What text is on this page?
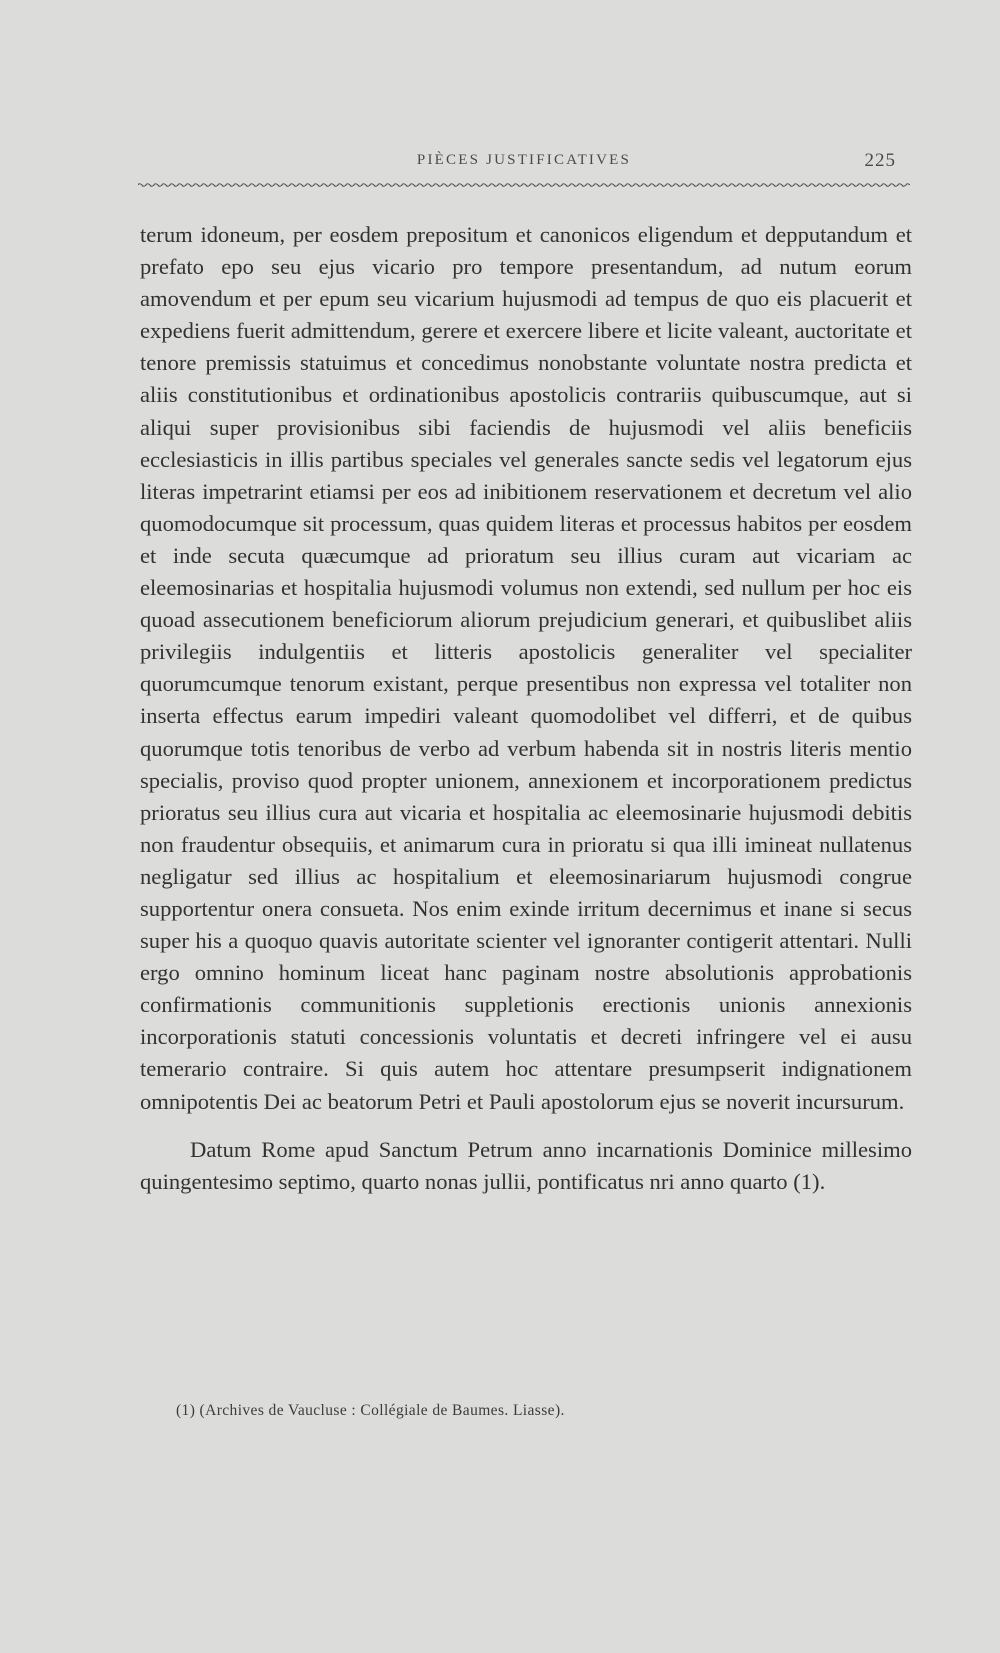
PIÈCES JUSTIFICATIVES	225

terum idoneum, per eosdem prepositum et canonicos eligendum et depputandum et prefato epo seu ejus vicario pro tempore presentandum, ad nutum eorum amovendum et per epum seu vicarium hujusmodi ad tempus de quo eis placuerit et expediens fuerit admittendum, gerere et exercere libere et licite valeant, auctoritate et tenore premissis statuimus et concedimus nonobstante voluntate nostra predicta et aliis constitutionibus et ordinationibus apostolicis contrariis quibuscumque, aut si aliqui super provisionibus sibi faciendis de hujusmodi vel aliis beneficiis ecclesiasticis in illis partibus speciales vel generales sancte sedis vel legatorum ejus literas impetrarint etiamsi per eos ad inibitionem reservationem et decretum vel alio quomodocumque sit processum, quas quidem literas et processus habitos per eosdem et inde secuta quæcumque ad prioratum seu illius curam aut vicariam ac eleemosinarias et hospitalia hujusmodi volumus non extendi, sed nullum per hoc eis quoad assecutionem beneficiorum aliorum prejudicium generari, et quibuslibet aliis privilegiis indulgentiis et litteris apostolicis generaliter vel specialiter quorumcumque tenorum existant, perque presentibus non expressa vel totaliter non inserta effectus earum impediri valeant quomodolibet vel differri, et de quibus quorumque totis tenoribus de verbo ad verbum habenda sit in nostris literis mentio specialis, proviso quod propter unionem, annexionem et incorporationem predictus prioratus seu illius cura aut vicaria et hospitalia ac eleemosinarie hujusmodi debitis non fraudentur obsequiis, et animarum cura in prioratu si qua illi imineat nullatenus negligatur sed illius ac hospitalium et eleemosinariarum hujusmodi congrue supportentur onera consueta. Nos enim exinde irritum decernimus et inane si secus super his a quoquo quavis autoritate scienter vel ignoranter contigerit attentari. Nulli ergo omnino hominum liceat hanc paginam nostre absolutionis approbationis confirmationis communitionis suppletionis erectionis unionis annexionis incorporationis statuti concessionis voluntatis et decreti infringere vel ei ausu temerario contraire. Si quis autem hoc attentare presumpserit indignationem omnipotentis Dei ac beatorum Petri et Pauli apostolorum ejus se noverit incursurum.

Datum Rome apud Sanctum Petrum anno incarnationis Dominice millesimo quingentesimo septimo, quarto nonas jullii, pontificatus nri anno quarto (1).

(1) (Archives de Vaucluse : Collégiale de Baumes. Liasse).
